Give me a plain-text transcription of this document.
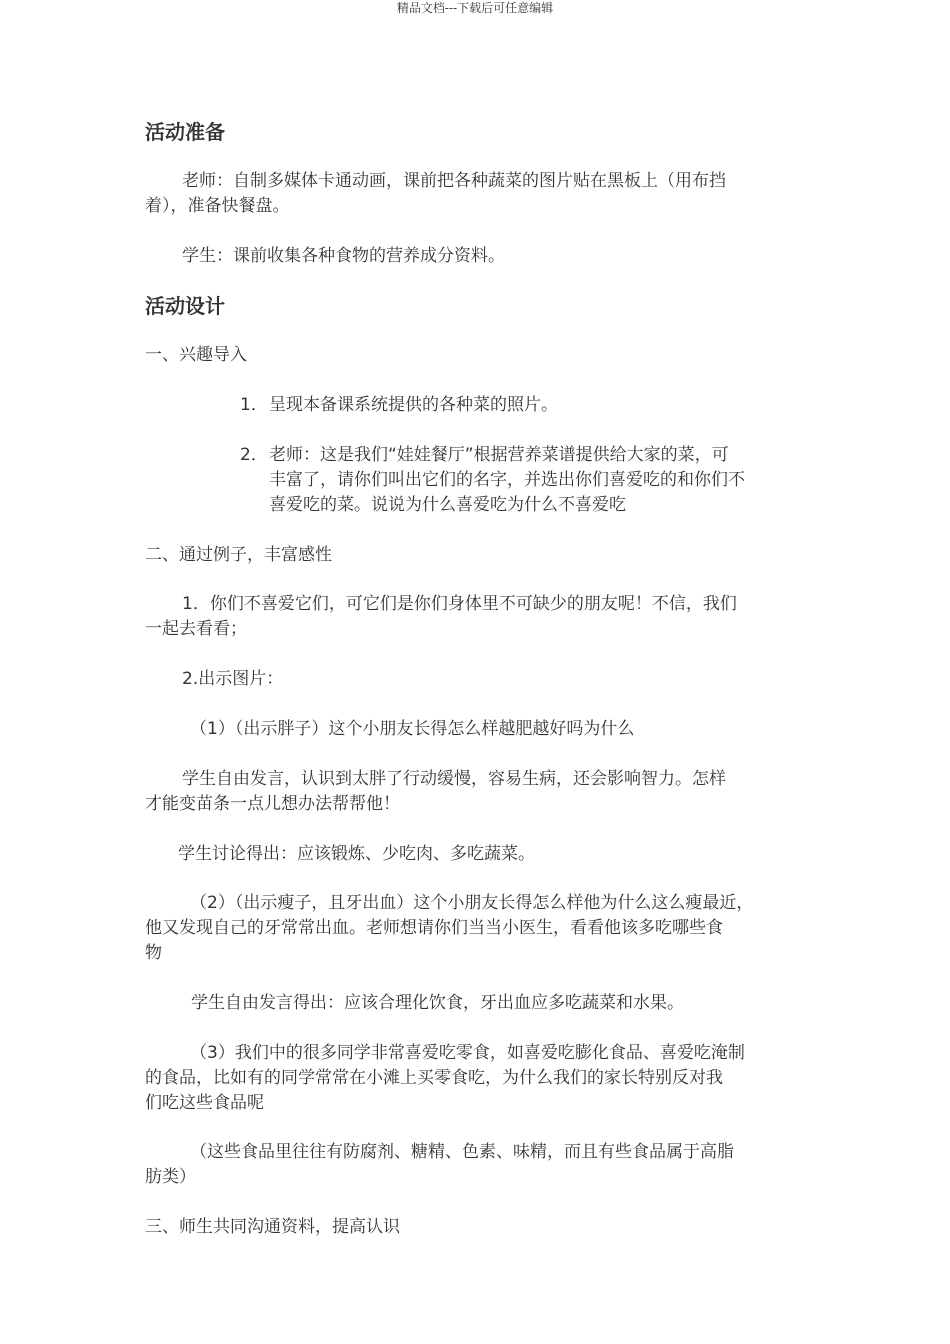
精品文档---下载后可任意编辑
活动准备
老师：自制多媒体卡通动画，课前把各种蔬菜的图片贴在黑板上（用布挡
着），准备快餐盘。
学生：课前收集各种食物的营养成分资料。
活动设计
一、兴趣导入
1． 呈现本备课系统提供的各种菜的照片。
2． 老师：这是我们“娃娃餐厅”根据营养菜谱提供给大家的菜，可
丰富了，请你们叫出它们的名字，并选出你们喜爱吃的和你们不
喜爱吃的菜。说说为什么喜爱吃为什么不喜爱吃
二、通过例子，丰富感性
1．你们不喜爱它们，可它们是你们身体里不可缺少的朋友呢！不信，我们
一起去看看；
2.出示图片：
（1）（出示胖子）这个小朋友长得怎么样越肥越好吗为什么
学生自由发言，认识到太胖了行动缓慢，容易生病，还会影响智力。怎样
才能变苗条一点儿想办法帮帮他！
学生讨论得出：应该锻炼、少吃肉、多吃蔬菜。
（2）（出示瘦子，且牙出血）这个小朋友长得怎么样他为什么这么瘦最近，
他又发现自己的牙常常出血。老师想请你们当当小医生，看看他该多吃哪些食
物
学生自由发言得出：应该合理化饮食，牙出血应多吃蔬菜和水果。
（3）我们中的很多同学非常喜爱吃零食，如喜爱吃膨化食品、喜爱吃淹制
的食品，比如有的同学常常在小滩上买零食吃，为什么我们的家长特别反对我
们吃这些食品呢
（这些食品里往往有防腐剂、糖精、色素、味精，而且有些食品属于高脂
肪类）
三、师生共同沟通资料，提高认识
